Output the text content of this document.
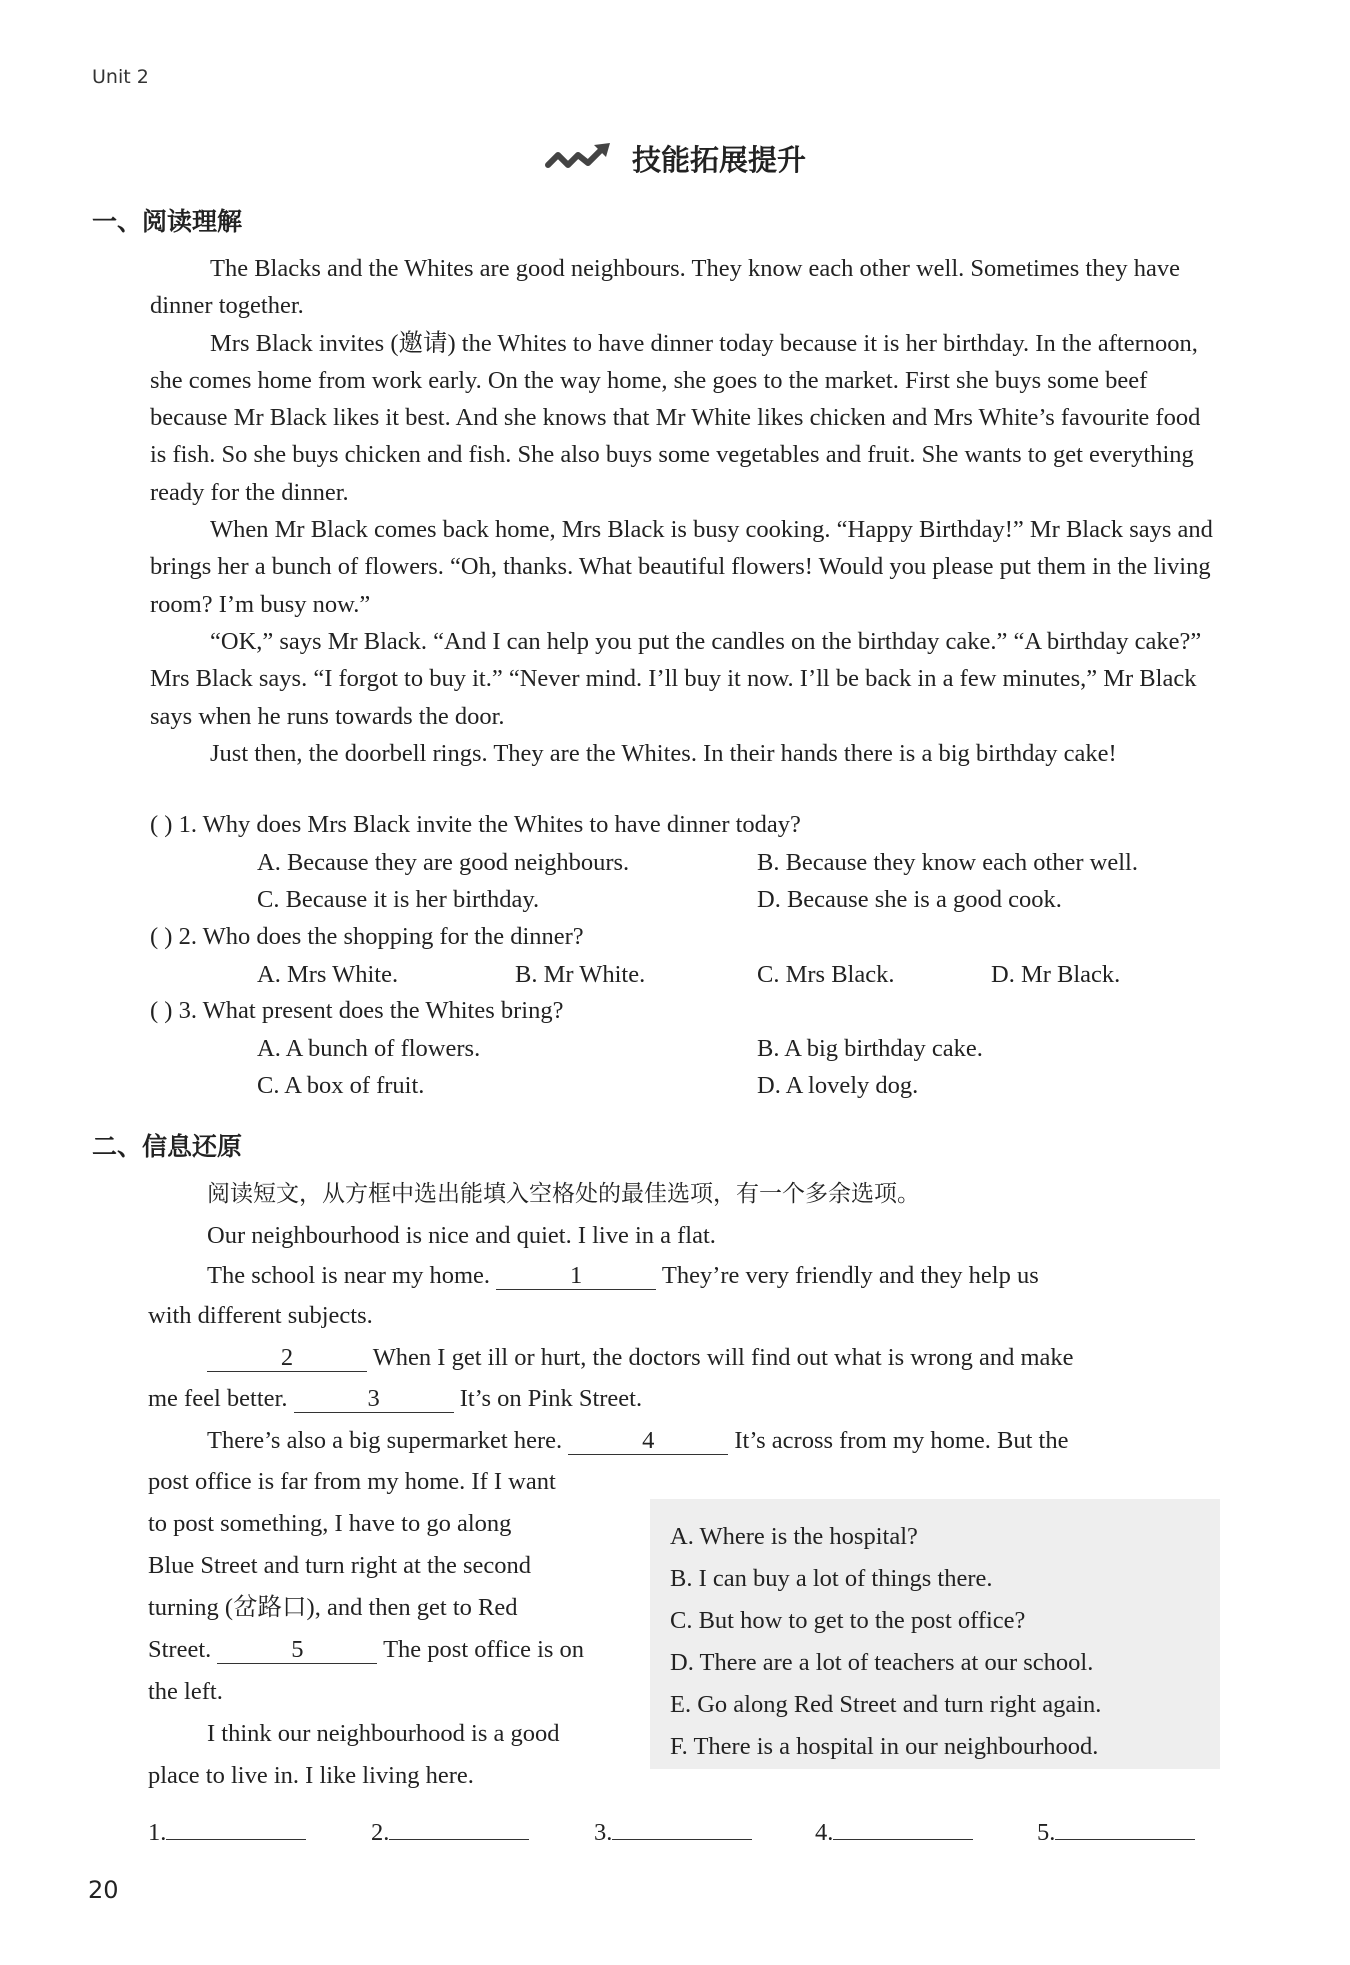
Unit 2
技能拓展提升
一、阅读理解

The Blacks and the Whites are good neighbours. They know each other well. Sometimes they have dinner together.

Mrs Black invites (邀请) the Whites to have dinner today because it is her birthday. In the afternoon, she comes home from work early. On the way home, she goes to the market. First she buys some beef because Mr Black likes it best. And she knows that Mr White likes chicken and Mrs White’s favourite food is fish. So she buys chicken and fish. She also buys some vegetables and fruit. She wants to get everything ready for the dinner.

When Mr Black comes back home, Mrs Black is busy cooking. “Happy Birthday!” Mr Black says and brings her a bunch of flowers. “Oh, thanks. What beautiful flowers! Would you please put them in the living room? I’m busy now.”

“OK,” says Mr Black. “And I can help you put the candles on the birthday cake.” “A birthday cake?” Mrs Black says. “I forgot to buy it.” “Never mind. I’ll buy it now. I’ll be back in a few minutes,” Mr Black says when he runs towards the door.

Just then, the doorbell rings. They are the Whites. In their hands there is a big birthday cake!

( ) 1. Why does Mrs Black invite the Whites to have dinner today?
A. Because they are good neighbours.	B. Because they know each other well.
C. Because it is her birthday.	D. Because she is a good cook.
( ) 2. Who does the shopping for the dinner?
A. Mrs White.	B. Mr White.	C. Mrs Black.	D. Mr Black.
( ) 3. What present does the Whites bring?
A. A bunch of flowers.	B. A big birthday cake.
C. A box of fruit.	D. A lovely dog.
二、信息还原
阅读短文，从方框中选出能填入空格处的最佳选项，有一个多余选项。
Our neighbourhood is nice and quiet. I live in a flat.
The school is near my home.	1	They’re very friendly and they help us
with different subjects.
2	When I get ill or hurt, the doctors will find out what is wrong and make
me feel better.	3	It’s on Pink Street.
There’s also a big supermarket here.	4	It’s across from my home. But the
post office is far from my home. If I want
to post something, I have to go along
Blue Street and turn right at the second
turning (岔路口), and then get to Red
Street.	5	The post office is on
the left.
I think our neighbourhood is a good
place to live in. I like living here.
A. Where is the hospital?
B. I can buy a lot of things there.
C. But how to get to the post office?
D. There are a lot of teachers at our school.
E. Go along Red Street and turn right again.
F. There is a hospital in our neighbourhood.
1.	2.	3.	4.	5.
20
